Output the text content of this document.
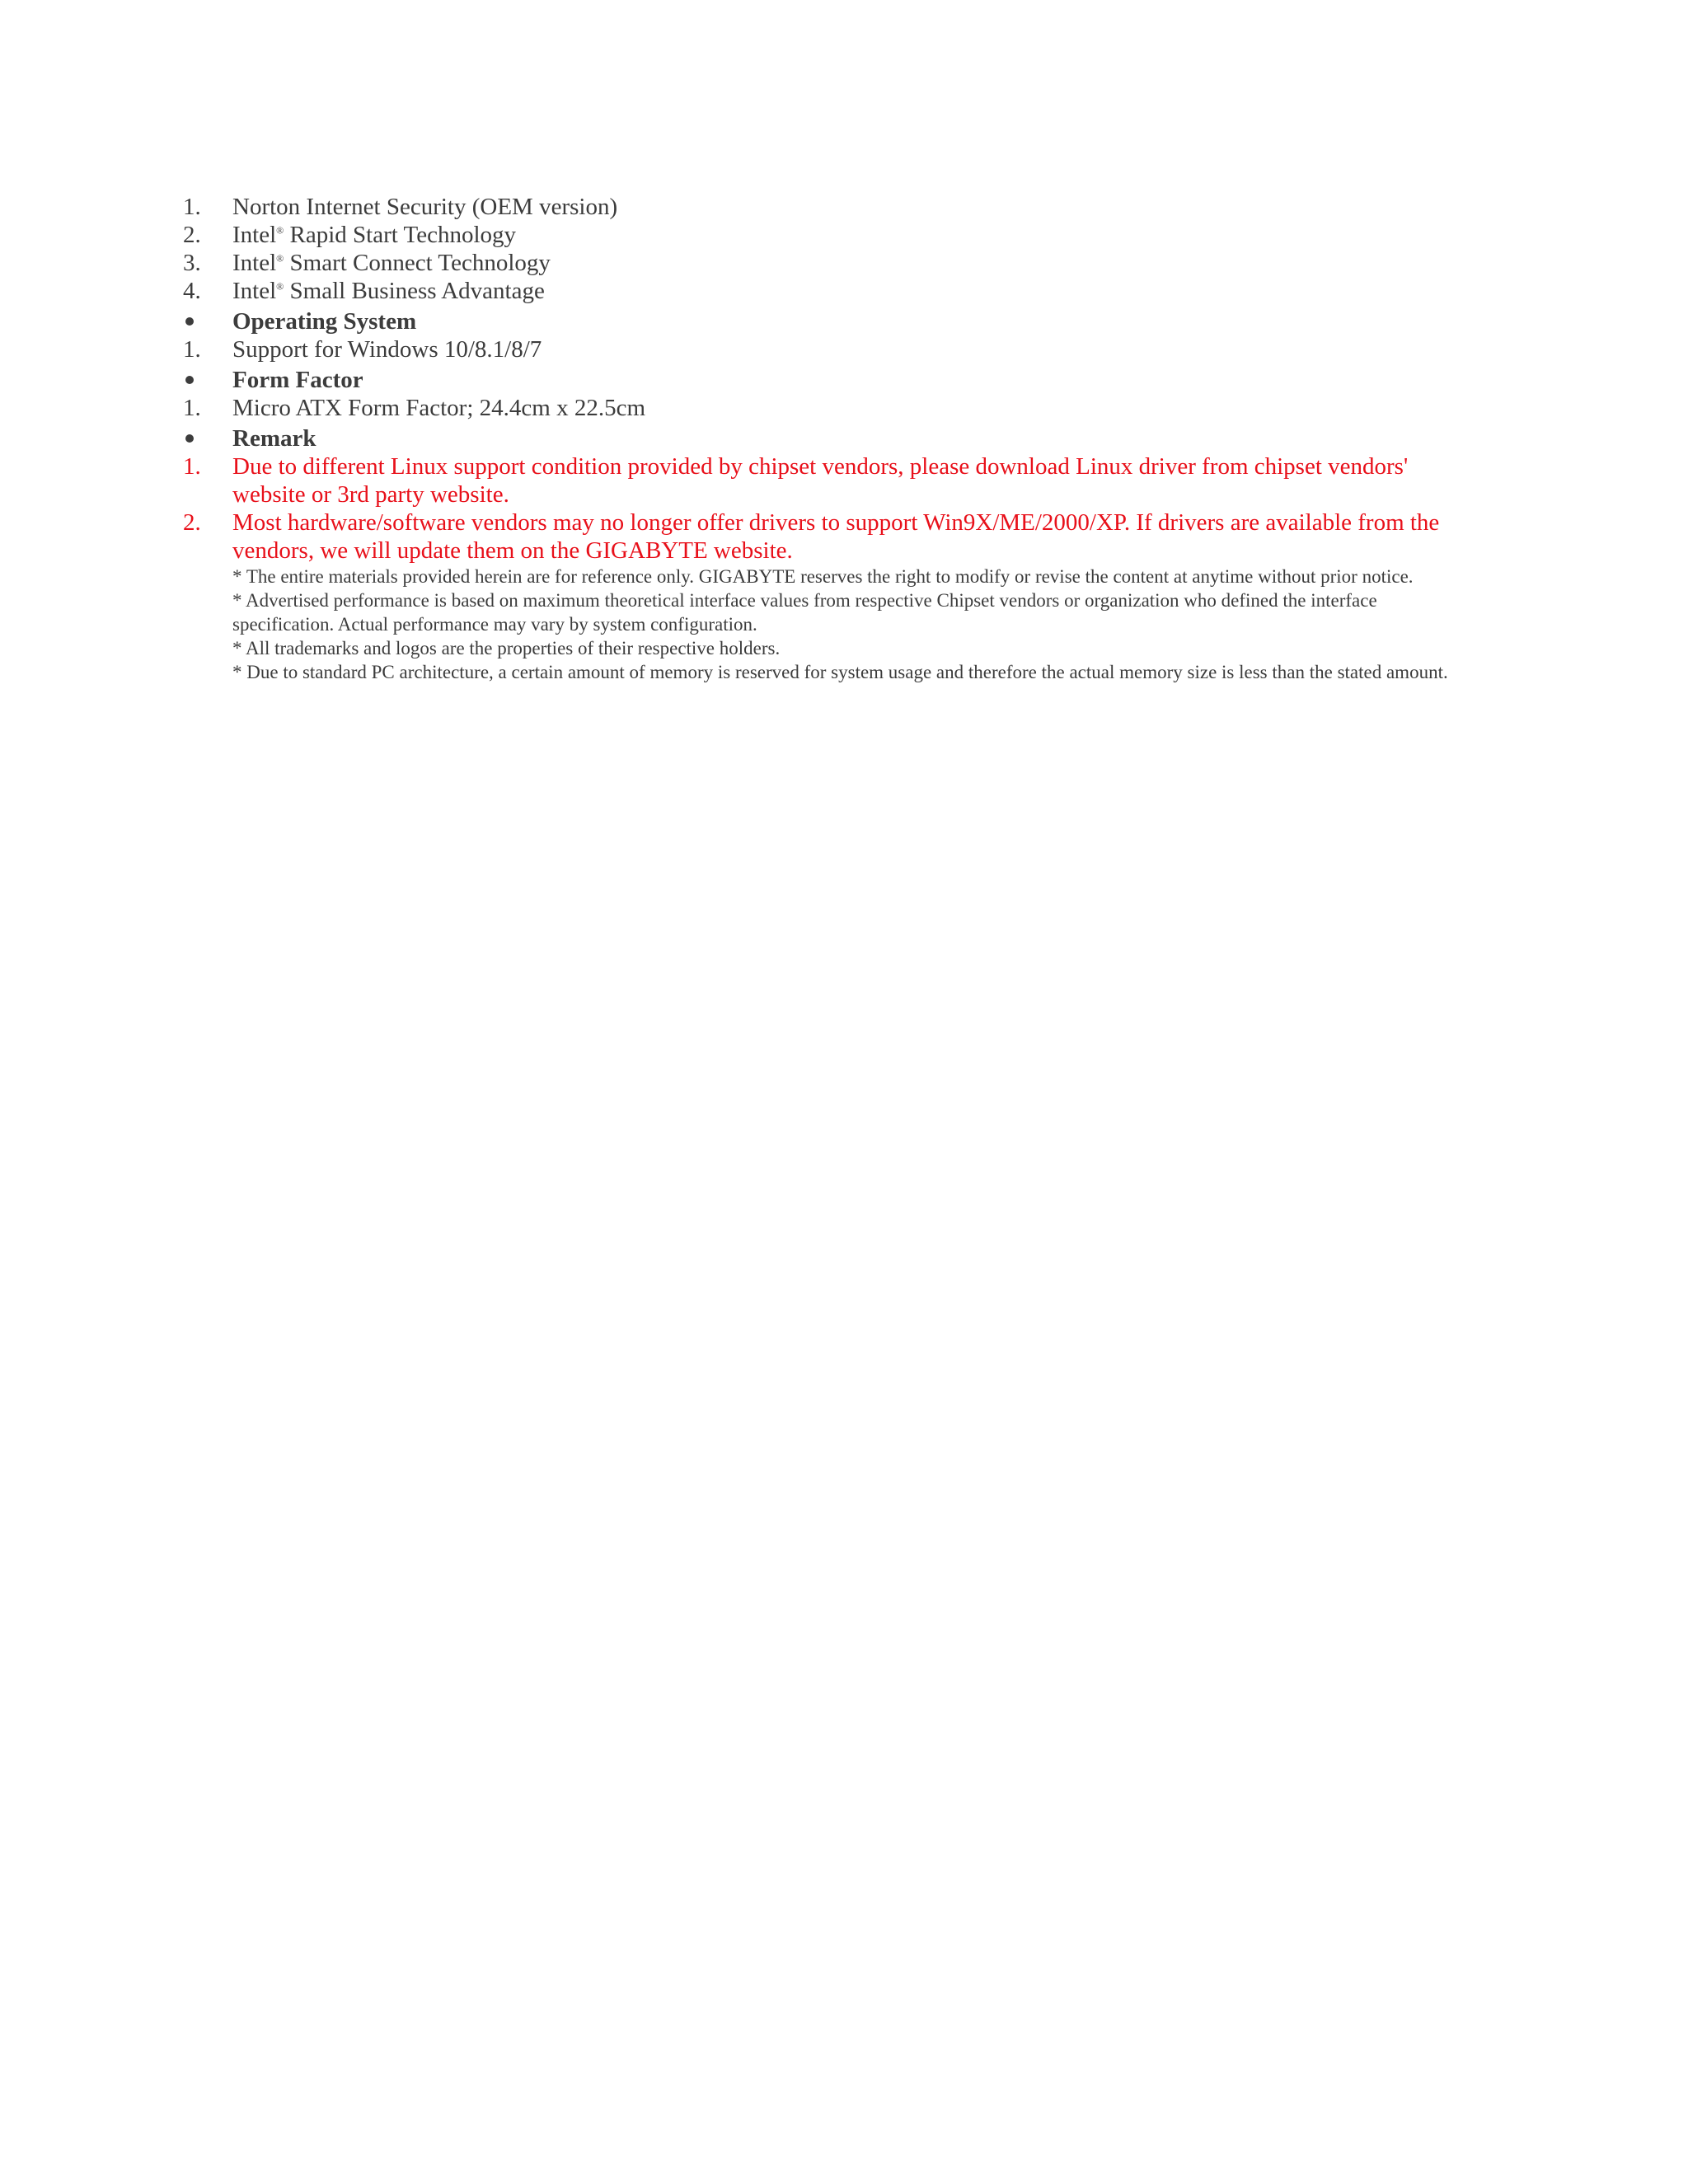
1.	Norton Internet Security (OEM version)
2.	Intel® Rapid Start Technology
3.	Intel® Smart Connect Technology
4.	Intel® Small Business Advantage
Operating System
1.	Support for Windows 10/8.1/8/7
Form Factor
1.	Micro ATX Form Factor; 24.4cm x 22.5cm
Remark
1.	Due to different Linux support condition provided by chipset vendors, please download Linux driver from chipset vendors' website or 3rd party website.
2.	Most hardware/software vendors may no longer offer drivers to support Win9X/ME/2000/XP. If drivers are available from the vendors, we will update them on the GIGABYTE website.
* The entire materials provided herein are for reference only. GIGABYTE reserves the right to modify or revise the content at anytime without prior notice.
* Advertised performance is based on maximum theoretical interface values from respective Chipset vendors or organization who defined the interface specification. Actual performance may vary by system configuration.
* All trademarks and logos are the properties of their respective holders.
* Due to standard PC architecture, a certain amount of memory is reserved for system usage and therefore the actual memory size is less than the stated amount.
